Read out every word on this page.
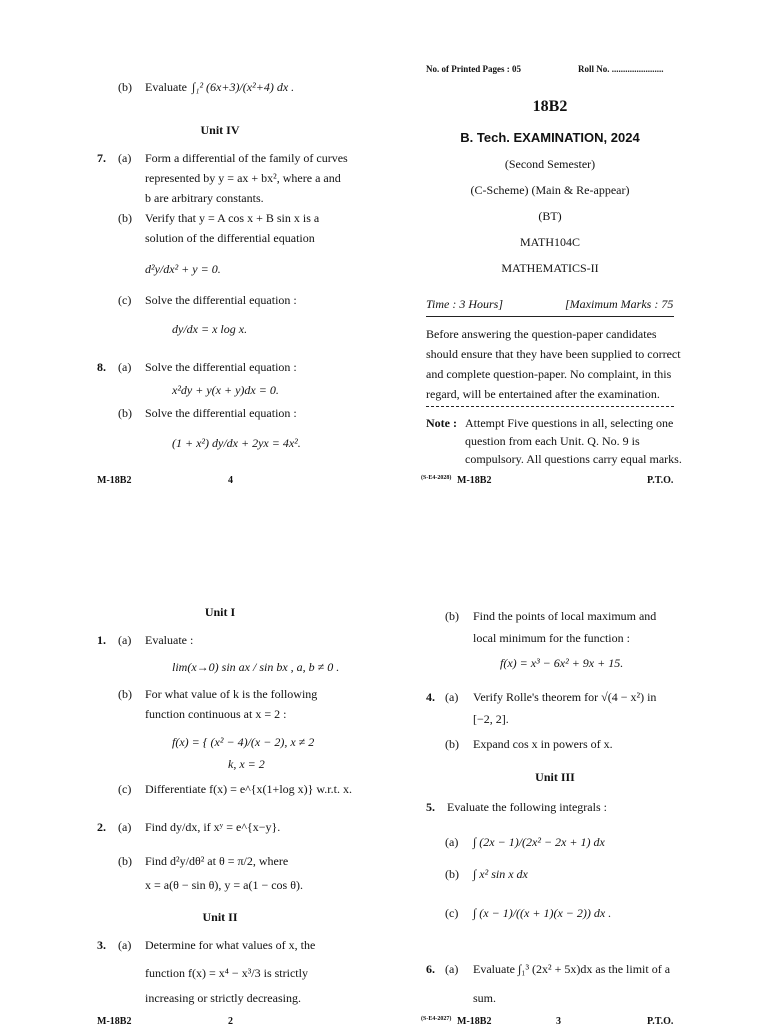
(b) Evaluate ∫₁² (6x+3)/(x²+4) dx .
Unit IV
7. (a) Form a differential of the family of curves
represented by y = ax + bx², where a and
b are arbitrary constants.
(b) Verify that y = A cos x + B sin x is a
solution of the differential equation
d²y/dx² + y = 0.
(c) Solve the differential equation :
dy/dx = x log x.
8. (a) Solve the differential equation :
x²dy + y(x + y)dx = 0.
(b) Solve the differential equation :
(1 + x²) dy/dx + 2yx = 4x².
M-18B2	4
No. of Printed Pages : 05	Roll No. .......................
18B2
B. Tech. EXAMINATION, 2024
(Second Semester)
(C-Scheme) (Main & Re-appear)
(BT)
MATH104C
MATHEMATICS-II
Time : 3 Hours]	[Maximum Marks : 75
Before answering the question-paper candidates
should ensure that they have been supplied to correct
and complete question-paper. No complaint, in this
regard, will be entertained after the examination.
Note : Attempt Five questions in all, selecting one
question from each Unit. Q. No. 9 is
compulsory. All questions carry equal marks.
(S-E4-2028) M-18B2	P.T.O.
Unit I
1. (a) Evaluate :
lim(x→0) sin ax / sin bx , a, b ≠ 0 .
(b) For what value of k is the following
function continuous at x = 2 :
f(x) = { (x² − 4)/(x − 2), x ≠ 2
k, x = 2
(c) Differentiate f(x) = e^{x(1+log x)} w.r.t. x.
2. (a) Find dy/dx, if xʸ = e^{x−y}.
(b) Find d²y/dθ² at θ = π/2, where
x = a(θ − sin θ), y = a(1 − cos θ).
Unit II
3. (a) Determine for what values of x, the
function f(x) = x⁴ − x³/3 is strictly
increasing or strictly decreasing.
M-18B2	2
(b) Find the points of local maximum and
local minimum for the function :
f(x) = x³ − 6x² + 9x + 15.
4. (a) Verify Rolle's theorem for √(4 − x²) in
[−2, 2].
(b) Expand cos x in powers of x.
Unit III
5. Evaluate the following integrals :
(a) ∫ (2x − 1)/(2x² − 2x + 1) dx
(b) ∫ x² sin x dx
(c) ∫ (x − 1)/((x + 1)(x − 2)) dx .
6. (a) Evaluate ∫₁³ (2x² + 5x)dx as the limit of a
sum.
(S-E4-2027) M-18B2	3	P.T.O.
